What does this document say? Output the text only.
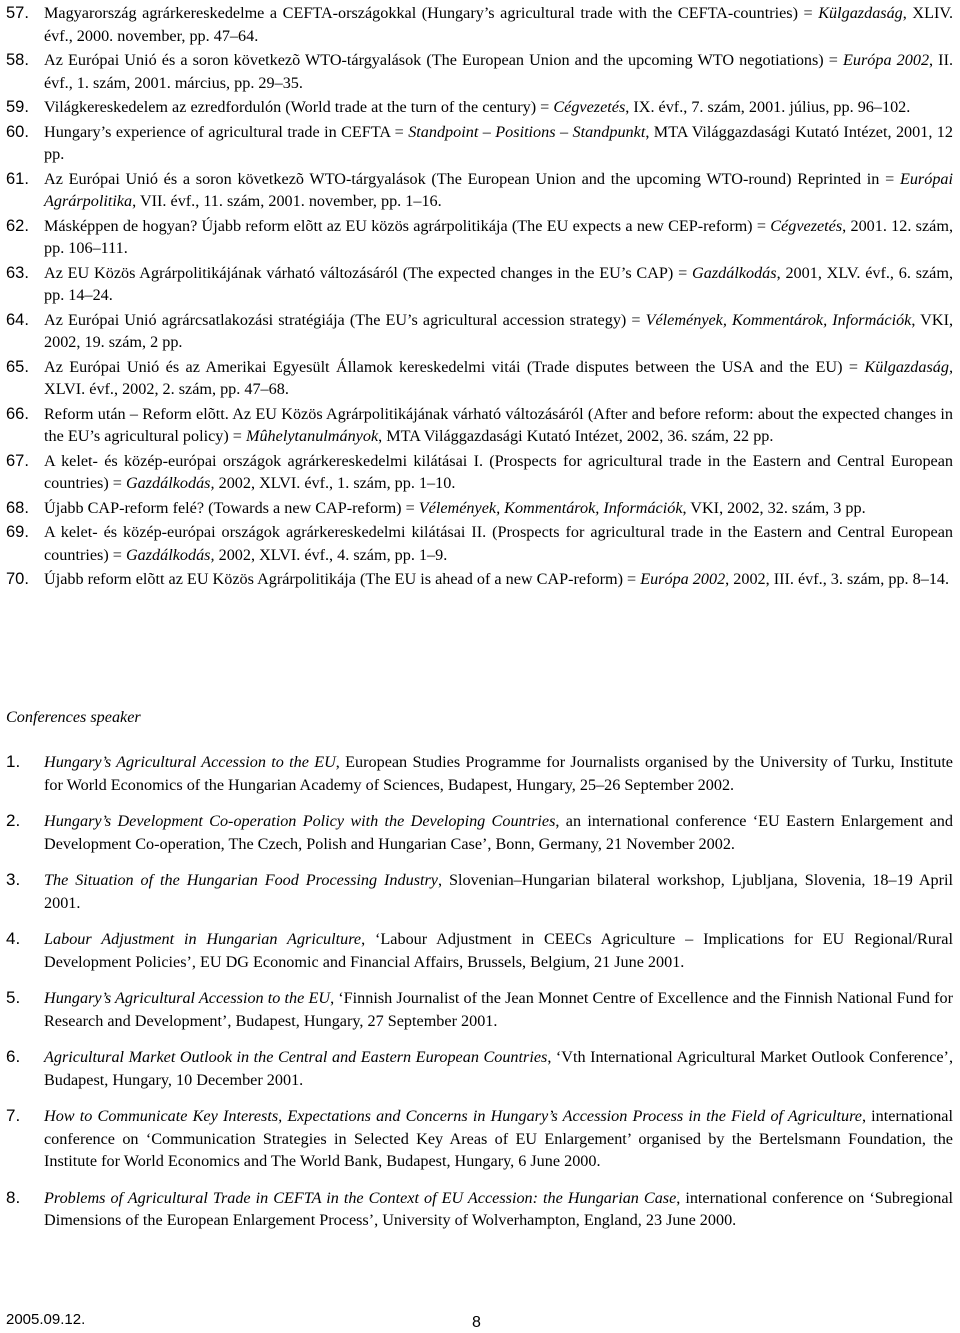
57. Magyarország agrárkereskedelme a CEFTA-országokkal (Hungary’s agricultural trade with the CEFTA-countries) = Külgazdaság, XLIV. évf., 2000. november, pp. 47–64.
58. Az Európai Unió és a soron következõ WTO-tárgyalások (The European Union and the upcoming WTO negotiations) = Európa 2002, II. évf., 1. szám, 2001. március, pp. 29–35.
59. Világkereskedelem az ezredfordulón (World trade at the turn of the century) = Cégvezetés, IX. évf., 7. szám, 2001. július, pp. 96–102.
60. Hungary’s experience of agricultural trade in CEFTA = Standpoint – Positions – Standpunkt, MTA Világgazdasági Kutató Intézet, 2001, 12 pp.
61. Az Európai Unió és a soron következõ WTO-tárgyalások (The European Union and the upcoming WTO-round) Reprinted in = Európai Agrárpolitika, VII. évf., 11. szám, 2001. november, pp. 1–16.
62. Másképpen de hogyan? Újabb reform elõtt az EU közös agrárpolitikája (The EU expects a new CEP-reform) = Cégvezetés, 2001. 12. szám, pp. 106–111.
63. Az EU Közös Agrárpolitikájának várható változásáról (The expected changes in the EU’s CAP) = Gazdálkodás, 2001, XLV. évf., 6. szám, pp. 14–24.
64. Az Európai Unió agrárcsatlakozási stratégiája (The EU’s agricultural accession strategy) = Vélemények, Kommentárok, Információk, VKI, 2002, 19. szám, 2 pp.
65. Az Európai Unió és az Amerikai Egyesült Államok kereskedelmi vitái (Trade disputes between the USA and the EU) = Külgazdaság, XLVI. évf., 2002, 2. szám, pp. 47–68.
66. Reform után – Reform elõtt. Az EU Közös Agrárpolitikájának várható változásáról (After and before reform: about the expected changes in the EU’s agricultural policy) = Mûhelytanulmányok, MTA Világgazdasági Kutató Intézet, 2002, 36. szám, 22 pp.
67. A kelet- és közép-európai országok agrárkereskedelmi kilátásai I. (Prospects for agricultural trade in the Eastern and Central European countries) = Gazdálkodás, 2002, XLVI. évf., 1. szám, pp. 1–10.
68. Újabb CAP-reform felé? (Towards a new CAP-reform) = Vélemények, Kommentárok, Információk, VKI, 2002, 32. szám, 3 pp.
69. A kelet- és közép-európai országok agrárkereskedelmi kilátásai II. (Prospects for agricultural trade in the Eastern and Central European countries) = Gazdálkodás, 2002, XLVI. évf., 4. szám, pp. 1–9.
70. Újabb reform elõtt az EU Közös Agrárpolitikája (The EU is ahead of a new CAP-reform) = Európa 2002, 2002, III. évf., 3. szám, pp. 8–14.
Conferences speaker
1.	Hungary’s Agricultural Accession to the EU, European Studies Programme for Journalists organised by the University of Turku, Institute for World Economics of the Hungarian Academy of Sciences, Budapest, Hungary, 25–26 September 2002.
2.	Hungary’s Development Co-operation Policy with the Developing Countries, an international conference ‘EU Eastern Enlargement and Development Co-operation, The Czech, Polish and Hungarian Case’, Bonn, Germany, 21 November 2002.
3.	The Situation of the Hungarian Food Processing Industry, Slovenian–Hungarian bilateral workshop, Ljubljana, Slovenia, 18–19 April 2001.
4.	Labour Adjustment in Hungarian Agriculture, ‘Labour Adjustment in CEECs Agriculture – Implications for EU Regional/Rural Development Policies’, EU DG Economic and Financial Affairs, Brussels, Belgium, 21 June 2001.
5.	Hungary’s Agricultural Accession to the EU, ‘Finnish Journalist of the Jean Monnet Centre of Excellence and the Finnish National Fund for Research and Development’, Budapest, Hungary, 27 September 2001.
6.	Agricultural Market Outlook in the Central and Eastern European Countries, ‘Vth International Agricultural Market Outlook Conference’, Budapest, Hungary, 10 December 2001.
7.	How to Communicate Key Interests, Expectations and Concerns in Hungary’s Accession Process in the Field of Agriculture, international conference on ‘Communication Strategies in Selected Key Areas of EU Enlargement’ organised by the Bertelsmann Foundation, the Institute for World Economics and The World Bank, Budapest, Hungary, 6 June 2000.
8.	Problems of Agricultural Trade in CEFTA in the Context of EU Accession: the Hungarian Case, international conference on ‘Subregional Dimensions of the European Enlargement Process’, University of Wolverhampton, England, 23 June 2000.
2005.09.12.	8
